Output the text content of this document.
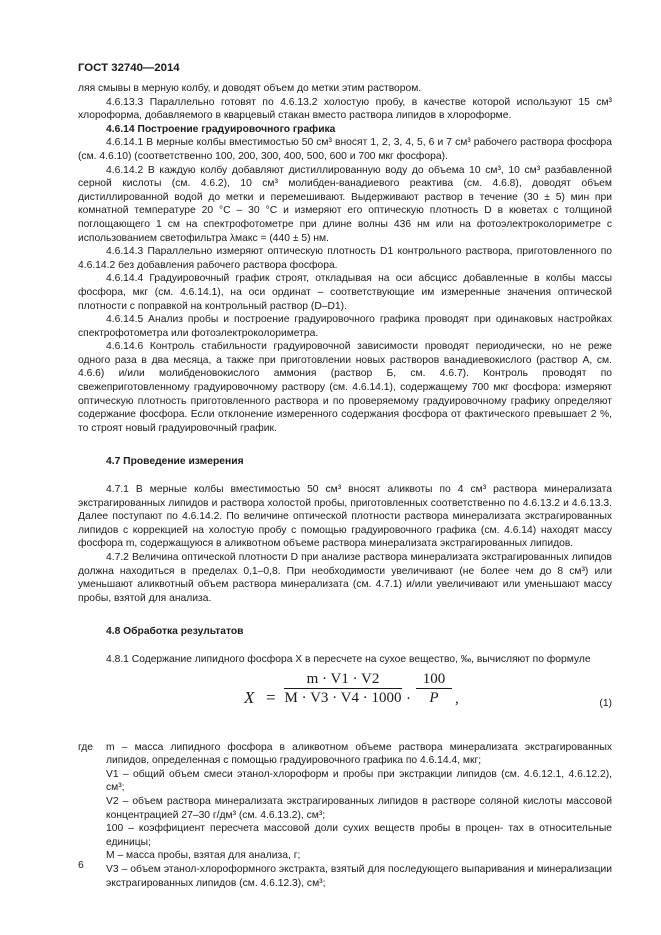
ГОСТ 32740—2014

ляя смывы в мерную колбу, и доводят объем до метки этим раствором.

4.6.13.3 Параллельно готовят по 4.6.13.2 холостую пробу, в качестве которой используют 15 см³ хлороформа, добавляемого в кварцевый стакан вместо раствора липидов в хлороформе.

4.6.14 Построение градуировочного графика

4.6.14.1 В мерные колбы вместимостью 50 см³ вносят 1, 2, 3, 4, 5, 6 и 7 см³ рабочего раствора фосфора (см. 4.6.10) (соответственно 100, 200, 300, 400, 500, 600 и 700 мкг фосфора).

4.6.14.2 В каждую колбу добавляют дистиллированную воду до объема 10 см³, 10 см³ разбавленной серной кислоты (см. 4.6.2), 10 см³ молибден-ванадиевого реактива (см. 4.6.8), доводят объем дистиллированной водой до метки и перемешивают. Выдерживают раствор в течение (30 ± 5) мин при комнатной температуре 20 °С – 30 °С и измеряют его оптическую плотность D в кюветах с толщиной поглощающего 1 см на спектрофотометре при длине волны 436 нм или на фотоэлектроколориметре с использованием светофильтра λмакс = (440 ± 5) нм.

4.6.14.3 Параллельно измеряют оптическую плотность D1 контрольного раствора, приготовленного по 4.6.14.2 без добавления рабочего раствора фосфора.

4.6.14.4 Градуировочный график строят, откладывая на оси абсцисс добавленные в колбы массы фосфора, мкг (см. 4.6.14.1), на оси ординат – соответствующие им измеренные значения оптической плотности с поправкой на контрольный раствор (D–D1).

4.6.14.5 Анализ пробы и построение градуировочного графика проводят при одинаковых настройках спектрофотометра или фотоэлектроколориметра.

4.6.14.6 Контроль стабильности градуировочной зависимости проводят периодически, но не реже одного раза в два месяца, а также при приготовлении новых растворов ванадиевокислого (раствор А, см. 4.6.6) и/или молибденовокислого аммония (раствор Б, см. 4.6.7). Контроль проводят по свежеприготовленному градуировочному раствору (см. 4.6.14.1), содержащему 700 мкг фосфора: измеряют оптическую плотность приготовленного раствора и по проверяемому градуировочному графику определяют содержание фосфора. Если отклонение измеренного содержания фосфора от фактического превышает 2 %, то строят новый градуировочный график.

4.7 Проведение измерения

4.7.1 В мерные колбы вместимостью 50 см³ вносят аликвоты по 4 см³ раствора минерализата экстрагированных липидов и раствора холостой пробы, приготовленных соответственно по 4.6.13.2 и 4.6.13.3. Далее поступают по 4.6.14.2. По величине оптической плотности раствора минерализата экстрагированных липидов с коррекцией на холостую пробу с помощью градуировочного графика (см. 4.6.14) находят массу фосфора m, содержащуюся в аликвотном объеме раствора минерализата экстрагированных липидов.

4.7.2 Величина оптической плотности D при анализе раствора минерализата экстрагированных липидов должна находиться в пределах 0,1–0,8. При необходимости увеличивают (не более чем до 8 см³) или уменьшают аликвотный объем раствора минерализата (см. 4.7.1) и/или увеличивают или уменьшают массу пробы, взятой для анализа.

4.8 Обработка результатов

4.8.1 Содержание липидного фосфора X в пересчете на сухое вещество, ‰, вычисляют по формуле

$X = \frac{m \cdot V1 \cdot V2}{M \cdot V3 \cdot V4 \cdot 1000} \cdot \frac{100}{P}$ ,	(1)
где m – масса липидного фосфора в аликвотном объеме раствора минерализата экстрагированных липидов, определенная с помощью градуировочного графика по 4.6.14.4, мкг;

V1 – общий объем смеси этанол-хлороформ и пробы при экстракции липидов (см. 4.6.12.1, 4.6.12.2), см³;

V2 – объем раствора минерализата экстрагированных липидов в растворе соляной кислоты массовой концентрацией 27–30 г/дм³ (см. 4.6.13.2), см³;

100 – коэффициент пересчета массовой доли сухих веществ пробы в процен- тах в относительные единицы;

M – масса пробы, взятая для анализа, г;

V3 – объем этанол-хлороформного экстракта, взятый для последующего выпаривания и минерализации экстрагированных липидов (см. 4.6.12.3), см³;

6
